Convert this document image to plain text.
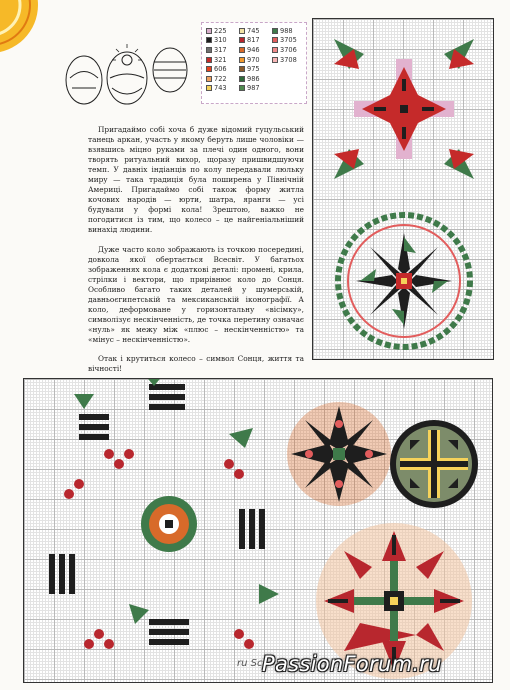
225	745	988
310	817	3705
317	946	3706
321	970	3708
606	975
722	986
743	987

Пригадаймо собі хоча б дуже відомий гуцульський танець аркан, участь у якому беруть лише чоловіки — взявшись міцно руками за плечі один одного, вони творять ритуальний вихор, щоразу пришвидшуючи темп. У давніх індіанців по колу передавали люльку миру — така традиція була поширена у Північній Америці. Пригадаймо собі також форму житла кочових народів — юрти, шатра, яранги — усі будували у формі кола! Зрештою, важко не погодитися із тим, що колесо – це найгеніальніший винахід людини.

Дуже часто коло зображають із точкою посередині, довкола якої обертається Всесвіт. У багатьох зображеннях кола є додаткові деталі: промені, крила, стрілки і вектори, що прирівнює коло до Сонця. Особливо багато таких деталей у шумерській, давньоєгипетській та мексиканській іконографії. А коло, деформоване у горизонтальну «вісімку», символізує нескінченність, де точка перетину означає «нуль» як межу між «плюс – нескінченністю» та «мінус – нескінченністю».

Отак і крутиться колесо – символ Сонця, життя та вічності!

ru Sc PassionForum.ru
